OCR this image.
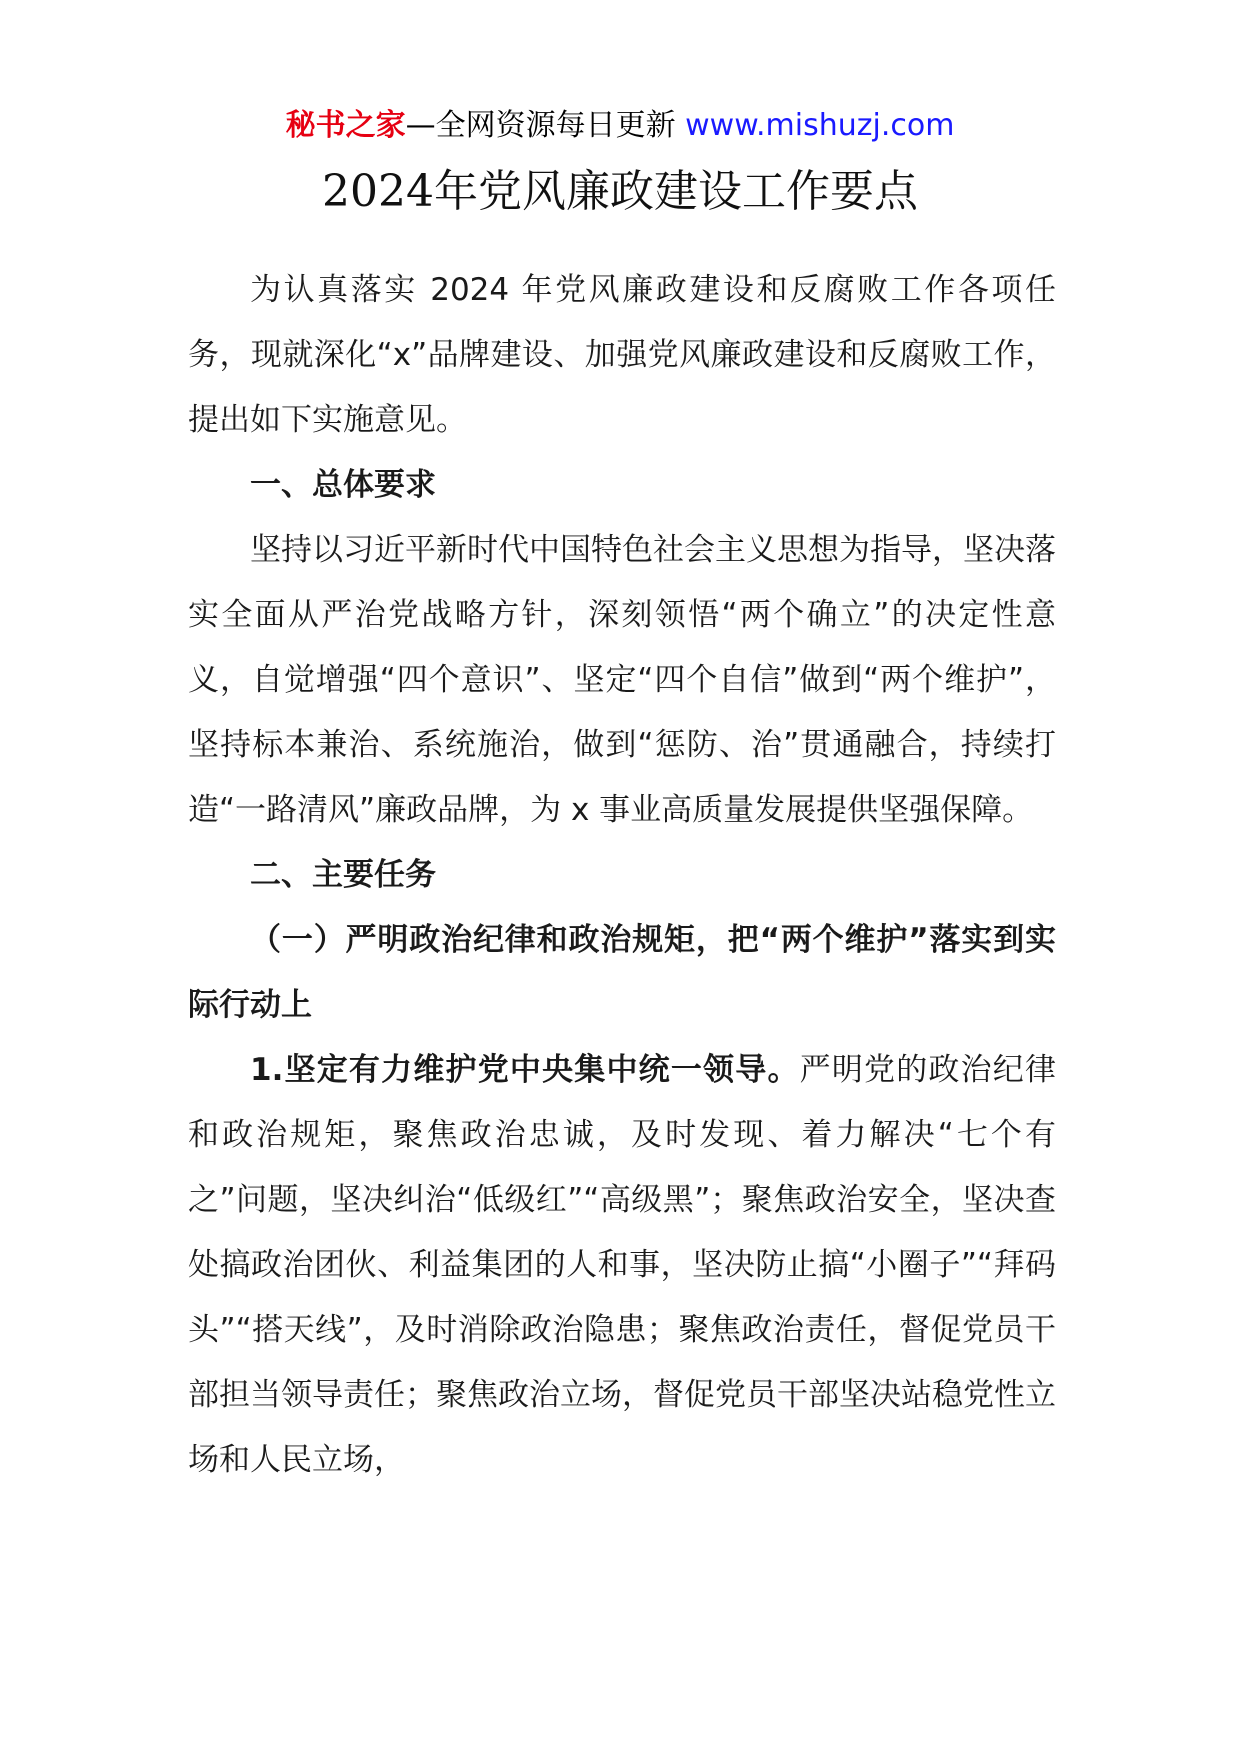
秘书之家—全网资源每日更新 www.mishuzj.com
2024年党风廉政建设工作要点

为认真落实 2024 年党风廉政建设和反腐败工作各项任务，现就深化“x”品牌建设、加强党风廉政建设和反腐败工作，提出如下实施意见。

一、总体要求

坚持以习近平新时代中国特色社会主义思想为指导，坚决落实全面从严治党战略方针，深刻领悟“两个确立”的决定性意义，自觉增强“四个意识”、坚定“四个自信”做到“两个维护”，坚持标本兼治、系统施治，做到“惩防、治”贯通融合，持续打造“一路清风”廉政品牌，为 x 事业高质量发展提供坚强保障。

二、主要任务

（一）严明政治纪律和政治规矩，把“两个维护”落实到实际行动上

1.坚定有力维护党中央集中统一领导。严明党的政治纪律和政治规矩，聚焦政治忠诚，及时发现、着力解决“七个有之”问题，坚决纠治“低级红”“高级黑”；聚焦政治安全，坚决查处搞政治团伙、利益集团的人和事，坚决防止搞“小圈子”“拜码头”“搭天线”，及时消除政治隐患；聚焦政治责任，督促党员干部担当领导责任；聚焦政治立场，督促党员干部坚决站稳党性立场和人民立场，
